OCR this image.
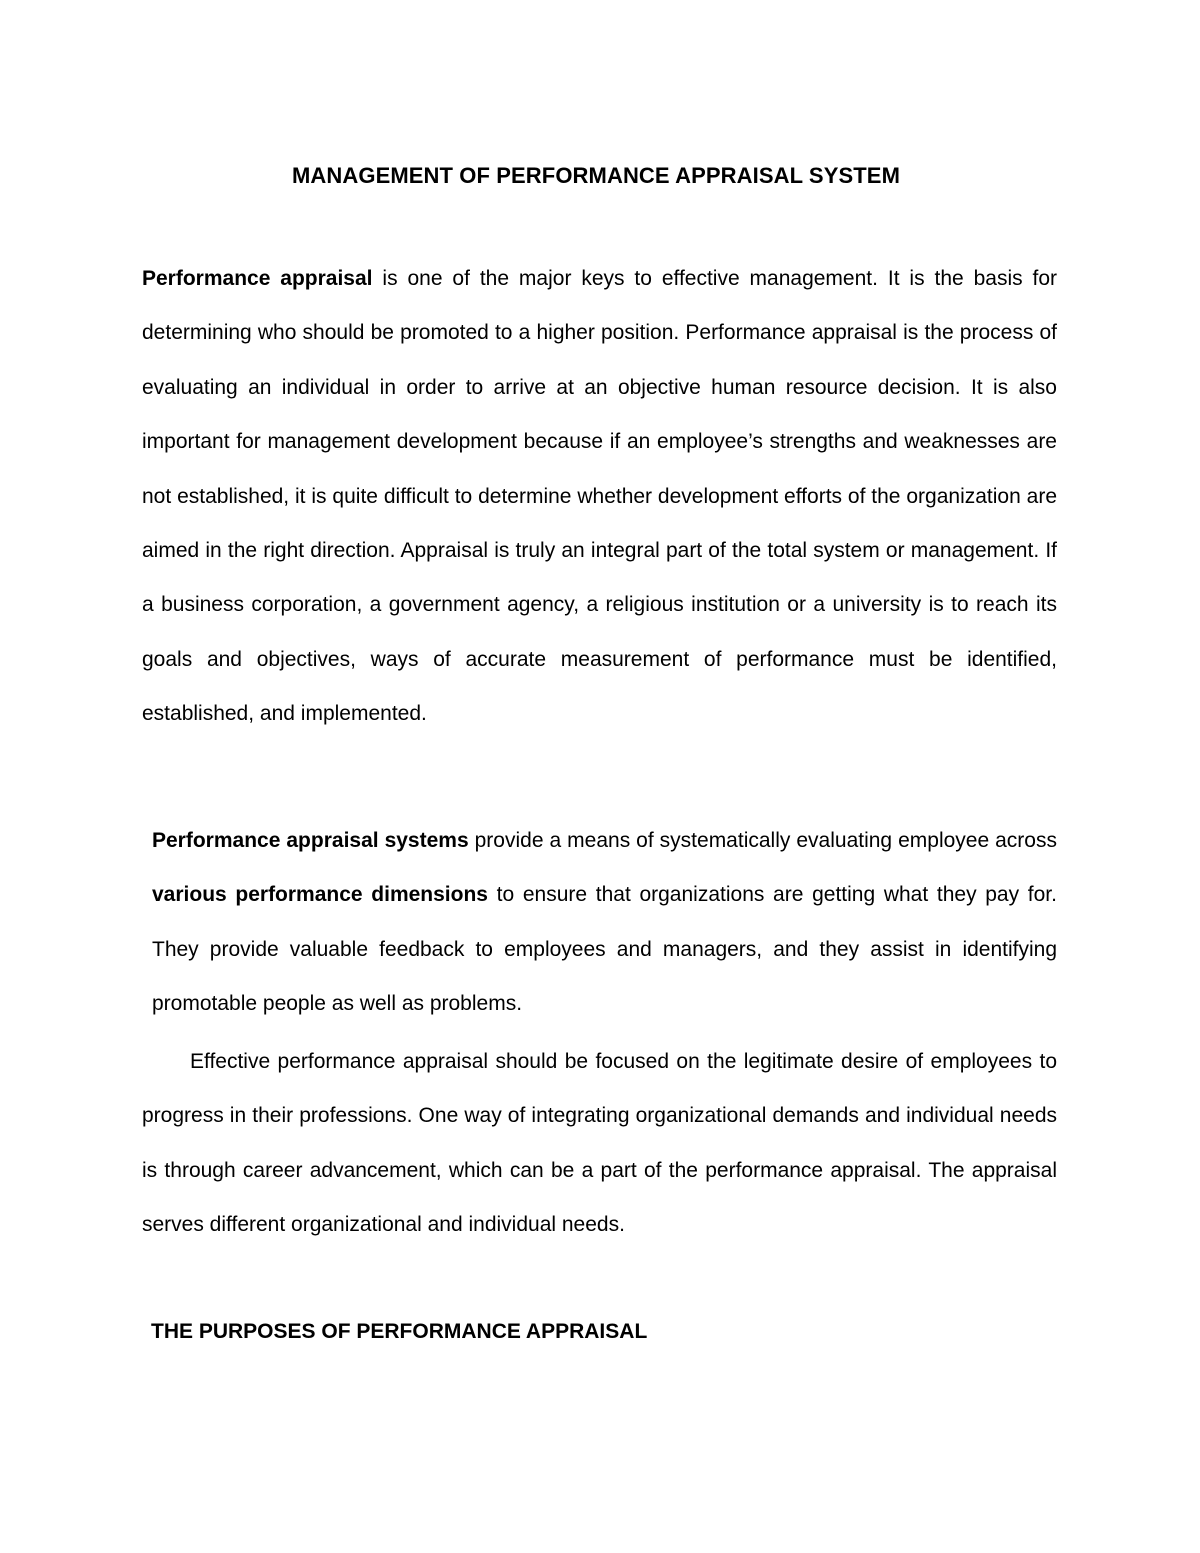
MANAGEMENT OF PERFORMANCE APPRAISAL SYSTEM

Performance appraisal is one of the major keys to effective management. It is the basis for determining who should be promoted to a higher position. Performance appraisal is the process of evaluating an individual in order to arrive at an objective human resource decision. It is also important for management development because if an employee’s strengths and weaknesses are not established, it is quite difficult to determine whether development efforts of the organization are aimed in the right direction. Appraisal is truly an integral part of the total system or management. If a business corporation, a government agency, a religious institution or a university is to reach its goals and objectives, ways of accurate measurement of performance must be identified, established, and implemented.

Performance appraisal systems provide a means of systematically evaluating employee across various performance dimensions to ensure that organizations are getting what they pay for. They provide valuable feedback to employees and managers, and they assist in identifying promotable people as well as problems.

Effective performance appraisal should be focused on the legitimate desire of employees to progress in their professions. One way of integrating organizational demands and individual needs is through career advancement, which can be a part of the performance appraisal. The appraisal serves different organizational and individual needs.

THE PURPOSES OF PERFORMANCE APPRAISAL
